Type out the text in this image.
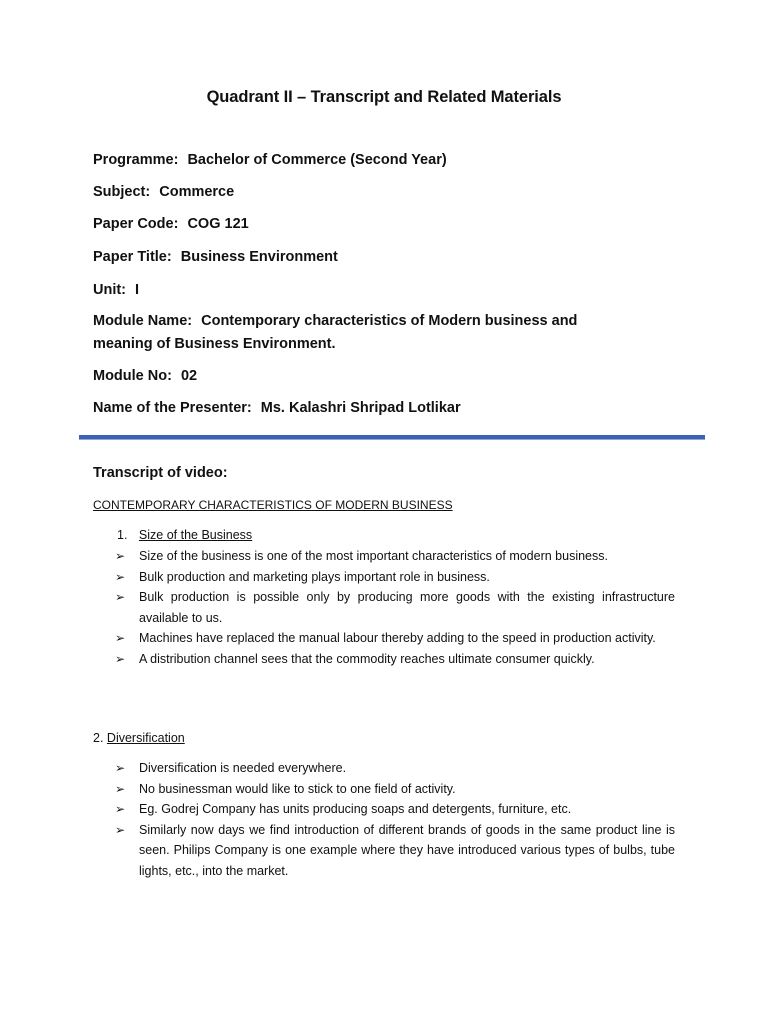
Quadrant II – Transcript and Related Materials
Programme: Bachelor of Commerce (Second Year)
Subject: Commerce
Paper Code: COG 121
Paper Title: Business Environment
Unit: I
Module Name: Contemporary characteristics of Modern business and
meaning of Business Environment.
Module No: 02
Name of the Presenter: Ms. Kalashri Shripad Lotlikar
Transcript of video:
CONTEMPORARY CHARACTERISTICS OF MODERN BUSINESS
1. Size of the Business
➢ Size of the business is one of the most important characteristics of modern business.
➢ Bulk production and marketing plays important role in business.
➢ Bulk production is possible only by producing more goods with the existing infrastructure available to us.
➢ Machines have replaced the manual labour thereby adding to the speed in production activity.
➢ A distribution channel sees that the commodity reaches ultimate consumer quickly.
2. Diversification
➢ Diversification is needed everywhere.
➢ No businessman would like to stick to one field of activity.
➢ Eg. Godrej Company has units producing soaps and detergents, furniture, etc.
➢ Similarly now days we find introduction of different brands of goods in the same product line is seen. Philips Company is one example where they have introduced various types of bulbs, tube lights, etc., into the market.
